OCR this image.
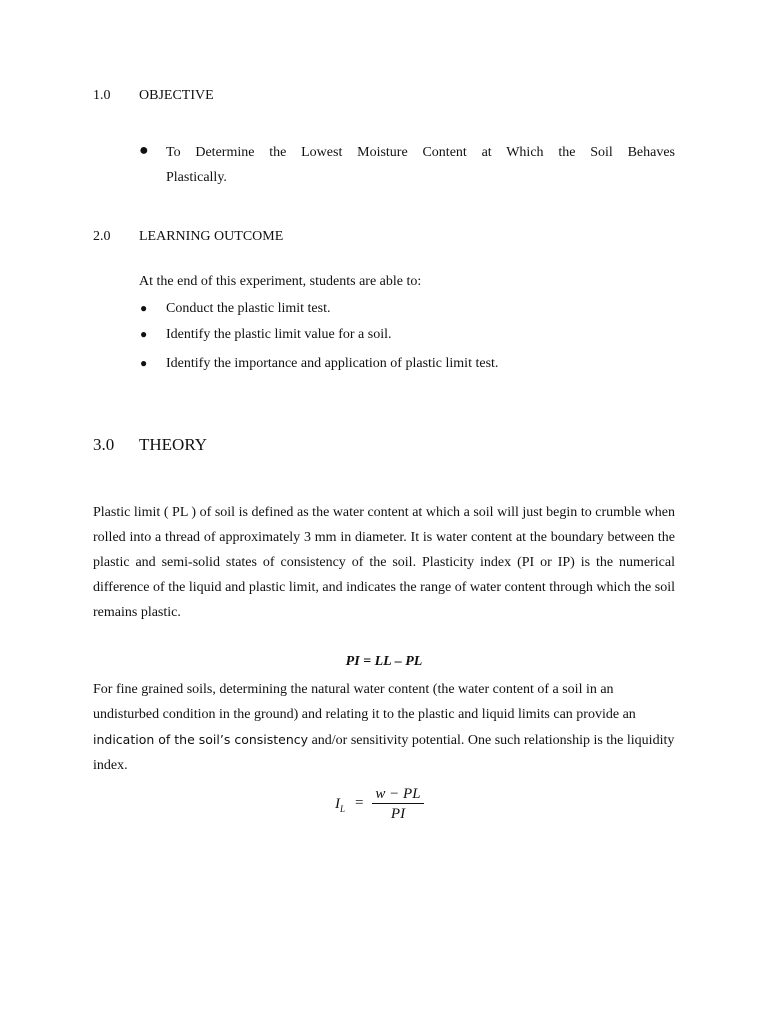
1.0 OBJECTIVE
● To Determine the Lowest Moisture Content at Which the Soil Behaves
Plastically.
2.0 LEARNING OUTCOME
At the end of this experiment, students are able to:
● Conduct the plastic limit test.
● Identify the plastic limit value for a soil.
● Identify the importance and application of plastic limit test.
3.0 THEORY
Plastic limit ( PL ) of soil is defined as the water content at which a soil will just begin to crumble when rolled into a thread of approximately 3 mm in diameter. It is water content at the boundary between the plastic and semi-solid states of consistency of the soil. Plasticity index (PI or IP) is the numerical difference of the liquid and plastic limit, and indicates the range of water content through which the soil remains plastic.
PI = LL – PL
For fine grained soils, determining the natural water content (the water content of a soil in an undisturbed condition in the ground) and relating it to the plastic and liquid limits can provide an indication of the soil’s consistency and/or sensitivity potential. One such relationship is the liquidity index.
$I_L$ =
w − PL
PI
